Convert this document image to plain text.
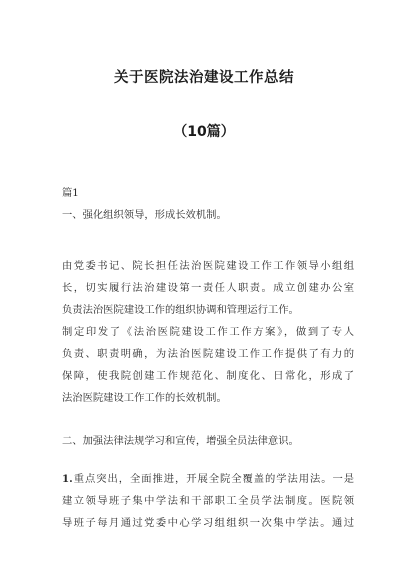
关于医院法治建设工作总结
（10篇）
篇1
一、强化组织领导，形成长效机制。
由党委书记、院长担任法治医院建设工作工作领导小组组
长，切实履行法治建设第一责任人职责。成立创建办公室
负责法治医院建设工作的组织协调和管理运行工作。
制定印发了《法治医院建设工作工作方案》，做到了专人
负责、职责明确，为法治医院建设工作工作提供了有力的
保障，使我院创建工作规范化、制度化、日常化，形成了
法治医院建设工作工作的长效机制。
二、加强法律法规学习和宣传，增强全员法律意识。
1.重点突出，全面推进，开展全院全覆盖的学法用法。一是
建立领导班子集中学法和干部职工全员学法制度。医院领
导班子每月通过党委中心学习组组织一次集中学法。通过
